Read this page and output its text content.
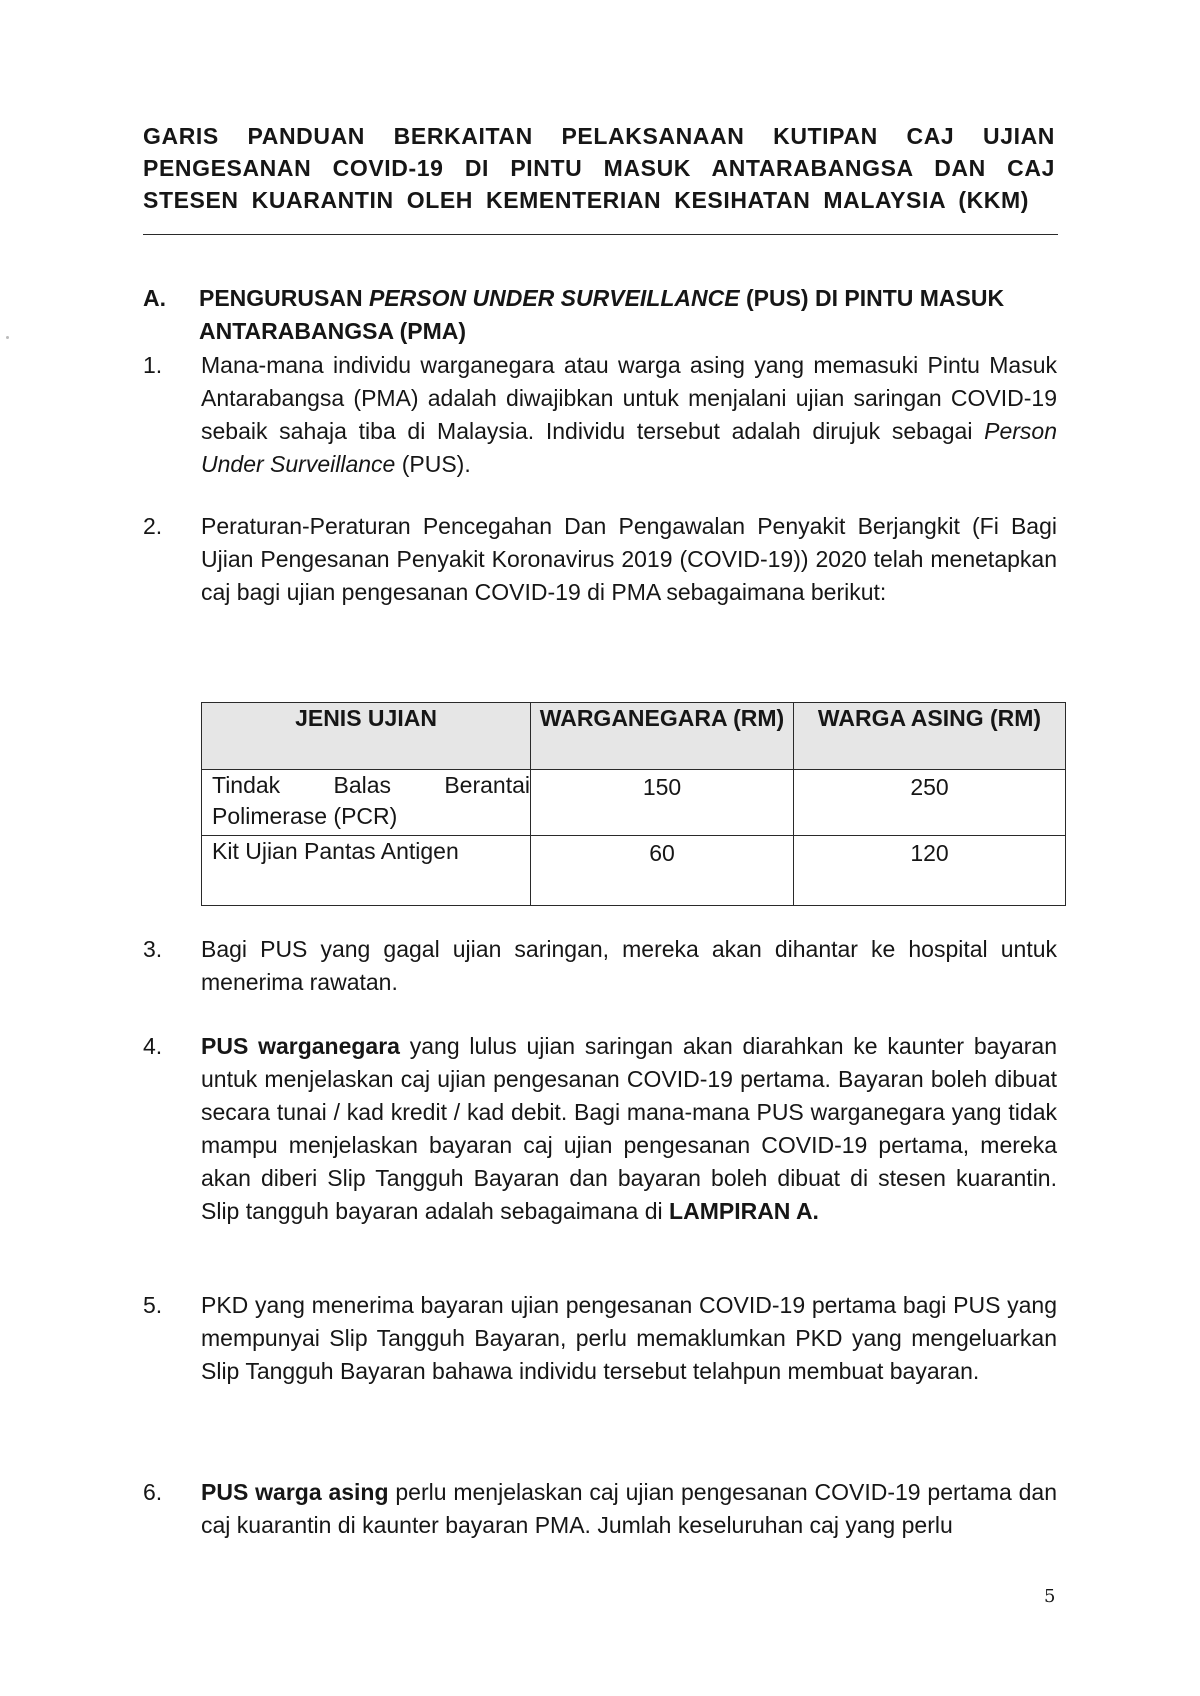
GARIS PANDUAN BERKAITAN PELAKSANAAN KUTIPAN CAJ UJIAN PENGESANAN COVID-19 DI PINTU MASUK ANTARABANGSA DAN CAJ STESEN KUARANTIN OLEH KEMENTERIAN KESIHATAN MALAYSIA (KKM)
A. PENGURUSAN PERSON UNDER SURVEILLANCE (PUS) DI PINTU MASUK ANTARABANGSA (PMA)
1. Mana-mana individu warganegara atau warga asing yang memasuki Pintu Masuk Antarabangsa (PMA) adalah diwajibkan untuk menjalani ujian saringan COVID-19 sebaik sahaja tiba di Malaysia. Individu tersebut adalah dirujuk sebagai Person Under Surveillance (PUS).
2. Peraturan-Peraturan Pencegahan Dan Pengawalan Penyakit Berjangkit (Fi Bagi Ujian Pengesanan Penyakit Koronavirus 2019 (COVID-19)) 2020 telah menetapkan caj bagi ujian pengesanan COVID-19 di PMA sebagaimana berikut:
JENIS UJIAN	WARGANEGARA (RM)	WARGA ASING (RM)

Tindak Balas Berantai
Polimerase (PCR)	150	250
Kit Ujian Pantas Antigen	60	120
3. Bagi PUS yang gagal ujian saringan, mereka akan dihantar ke hospital untuk menerima rawatan.
4. PUS warganegara yang lulus ujian saringan akan diarahkan ke kaunter bayaran untuk menjelaskan caj ujian pengesanan COVID-19 pertama. Bayaran boleh dibuat secara tunai / kad kredit / kad debit. Bagi mana-mana PUS warganegara yang tidak mampu menjelaskan bayaran caj ujian pengesanan COVID-19 pertama, mereka akan diberi Slip Tangguh Bayaran dan bayaran boleh dibuat di stesen kuarantin. Slip tangguh bayaran adalah sebagaimana di LAMPIRAN A.
5. PKD yang menerima bayaran ujian pengesanan COVID-19 pertama bagi PUS yang mempunyai Slip Tangguh Bayaran, perlu memaklumkan PKD yang mengeluarkan Slip Tangguh Bayaran bahawa individu tersebut telahpun membuat bayaran.
6. PUS warga asing perlu menjelaskan caj ujian pengesanan COVID-19 pertama dan caj kuarantin di kaunter bayaran PMA. Jumlah keseluruhan caj yang perlu
5
